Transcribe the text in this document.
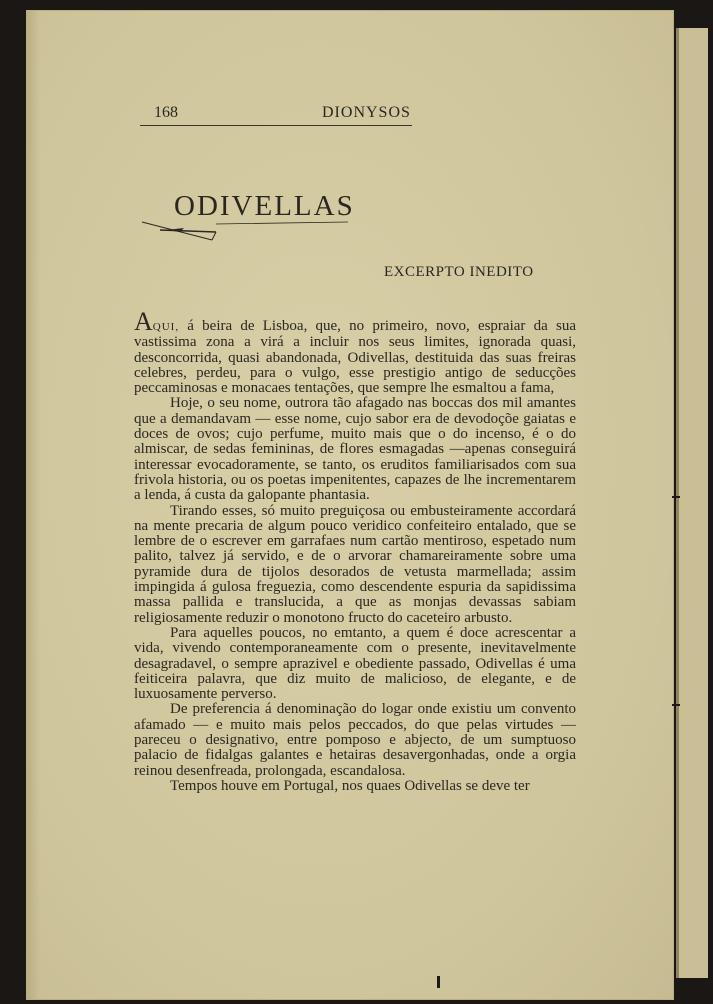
168	DIONYSOS
ODIVELLAS
EXCERPTO INEDITO

AQUI, á beira de Lisboa, que, no primeiro, novo, espraiar da sua vastissima zona a virá a incluir nos seus limites, ignorada quasi, desconcorrida, quasi abandonada, Odivellas, destituida das suas freiras celebres, perdeu, para o vulgo, esse prestigio antigo de seducções peccaminosas e monacaes tentações, que sempre lhe esmaltou a fama,

Hoje, o seu nome, outrora tão afagado nas boccas dos mil amantes que a demandavam — esse nome, cujo sabor era de devodoçõe gaiatas e doces de ovos; cujo perfume, muito mais que o do incenso, é o do almiscar, de sedas femininas, de flores esmagadas —apenas conseguirá interessar evocadoramente, se tanto, os eruditos familiarisados com sua frivola historia, ou os poetas impenitentes, capazes de lhe incrementarem a lenda, á custa da galopante phantasia.

Tirando esses, só muito preguiçosa ou embusteiramente accordará na mente precaria de algum pouco veridico confeiteiro entalado, que se lembre de o escrever em garrafaes num cartão mentiroso, espetado num palito, talvez já servido, e de o arvorar chamareiramente sobre uma pyramide dura de tijolos desorados de vetusta marmellada; assim impingida á gulosa freguezia, como descendente espuria da sapidissima massa pallida e translucida, a que as monjas devassas sabiam religiosamente reduzir o monotono fructo do caceteiro arbusto.

Para aquelles poucos, no emtanto, a quem é doce acrescentar a vida, vivendo contemporaneamente com o presente, inevitavelmente desagradavel, o sempre aprazivel e obediente passado, Odivellas é uma feiticeira palavra, que diz muito de malicioso, de elegante, e de luxuosamente perverso.

De preferencia á denominação do logar onde existiu um convento afamado — e muito mais pelos peccados, do que pelas virtudes — pareceu o designativo, entre pomposo e abjecto, de um sumptuoso palacio de fidalgas galantes e hetairas desavergonhadas, onde a orgia reinou desenfreada, prolongada, escandalosa.

Tempos houve em Portugal, nos quaes Odivellas se deve ter
